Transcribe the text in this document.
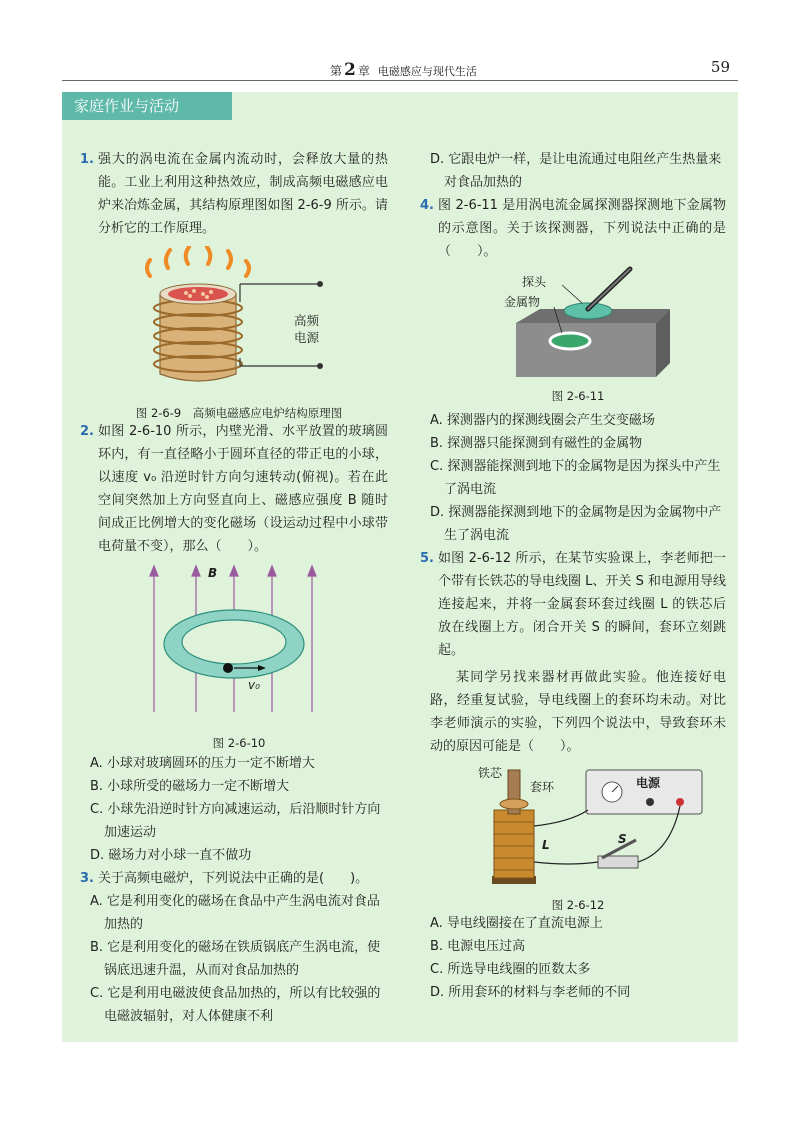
第 2 章 电磁感应与现代生活	59
家庭作业与活动
1. 强大的涡电流在金属内流动时，会释放大量的热能。工业上利用这种热效应，制成高频电磁感应电炉来冶炼金属，其结构原理图如图 2-6-9 所示。请分析它的工作原理。
高频电源
图 2-6-9　高频电磁感应电炉结构原理图
2. 如图 2-6-10 所示，内壁光滑、水平放置的玻璃圆环内，有一直径略小于圆环直径的带正电的小球，以速度 v₀ 沿逆时针方向匀速转动(俯视)。若在此空间突然加上方向竖直向上、磁感应强度 B 随时间成正比例增大的变化磁场（设运动过程中小球带电荷量不变），那么（　　）。
B
v₀
图 2-6-10
A. 小球对玻璃圆环的压力一定不断增大
B. 小球所受的磁场力一定不断增大
C. 小球先沿逆时针方向减速运动，后沿顺时针方向加速运动
D. 磁场力对小球一直不做功
3. 关于高频电磁炉，下列说法中正确的是(　　)。
A. 它是利用变化的磁场在食品中产生涡电流对食品加热的
B. 它是利用变化的磁场在铁质锅底产生涡电流，使锅底迅速升温，从而对食品加热的
C. 它是利用电磁波使食品加热的，所以有比较强的电磁波辐射，对人体健康不利
D. 它跟电炉一样，是让电流通过电阻丝产生热量来对食品加热的
4. 图 2-6-11 是用涡电流金属探测器探测地下金属物的示意图。关于该探测器，下列说法中正确的是（　　）。
探头
金属物
图 2-6-11
A. 探测器内的探测线圈会产生交变磁场
B. 探测器只能探测到有磁性的金属物
C. 探测器能探测到地下的金属物是因为探头中产生了涡电流
D. 探测器能探测到地下的金属物是因为金属物中产生了涡电流
5. 如图 2-6-12 所示，在某节实验课上，李老师把一个带有长铁芯的导电线圈 L、开关 S 和电源用导线连接起来，并将一金属套环套过线圈 L 的铁芯后放在线圈上方。闭合开关 S 的瞬间，套环立刻跳起。
某同学另找来器材再做此实验。他连接好电路，经重复试验，导电线圈上的套环均未动。对比李老师演示的实验，下列四个说法中，导致套环未动的原因可能是（　　）。
铁芯
套环	电源
L	S
图 2-6-12
A. 导电线圈接在了直流电源上
B. 电源电压过高
C. 所选导电线圈的匝数太多
D. 所用套环的材料与李老师的不同
